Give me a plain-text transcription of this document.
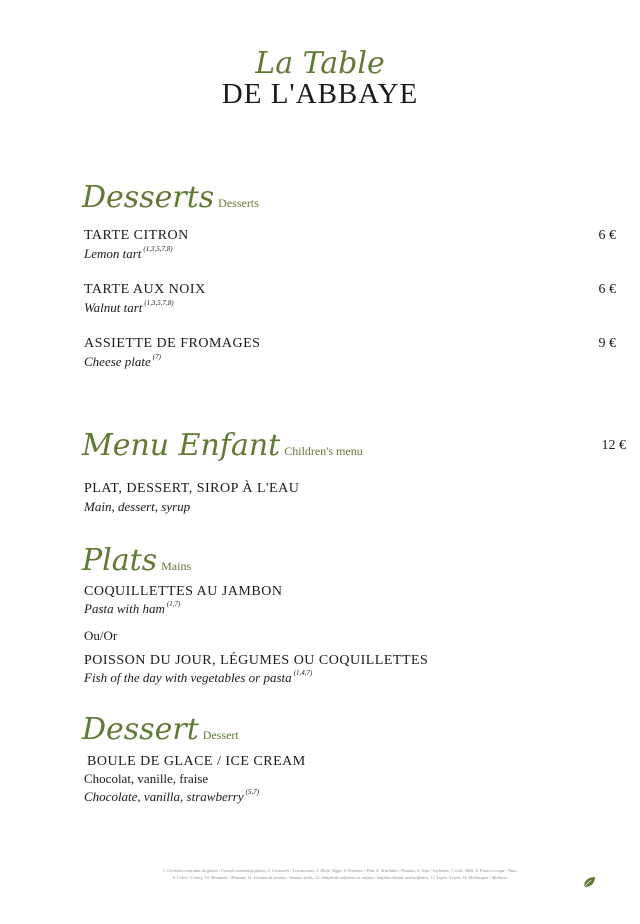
La Table
DE L'ABBAYE
Desserts Desserts
TARTE CITRON
Lemon tart $^{(1,3,5,7,8)}$
6 €
TARTE AUX NOIX
Walnut tart $^{(1,3,5,7,8)}$
6 €
ASSIETTE DE FROMAGES
Cheese plate $^{(7)}$
9 €
Menu Enfant Children's menu	12 €
PLAT, DESSERT, SIROP À L'EAU
Main, dessert, syrup
Plats Mains
COQUILLETTES AU JAMBON
Pasta with ham $^{(1,7)}$
Ou/Or
POISSON DU JOUR, LÉGUMES OU COQUILLETTES
Fish of the day with vegetables or pasta $^{(1,4,7)}$
Dessert Dessert
BOULE DE GLACE / ICE CREAM
Chocolat, vanille, fraise
Chocolate, vanilla, strawberry $^{(5,7)}$
1. Céréales contenant du gluten / Cereals containing gluten, 2. Crustacés / Crustaceans, 3. Œufs / Eggs, 4. Poissons / Fish, 5. Arachides / Peanuts, 6. Soja / Soybeans, 7. Lait / Milk, 8. Fruits à coque / Nuts,
9. Céleri / Celery, 10. Moutarde / Mustard, 11. Graines de sésame / Sesame seeds, 12. Anhydride sulfureux et sulfites / Sulphur dioxide and sulphites, 13. Lupin / Lupin, 14. Mollusques / Molluscs
